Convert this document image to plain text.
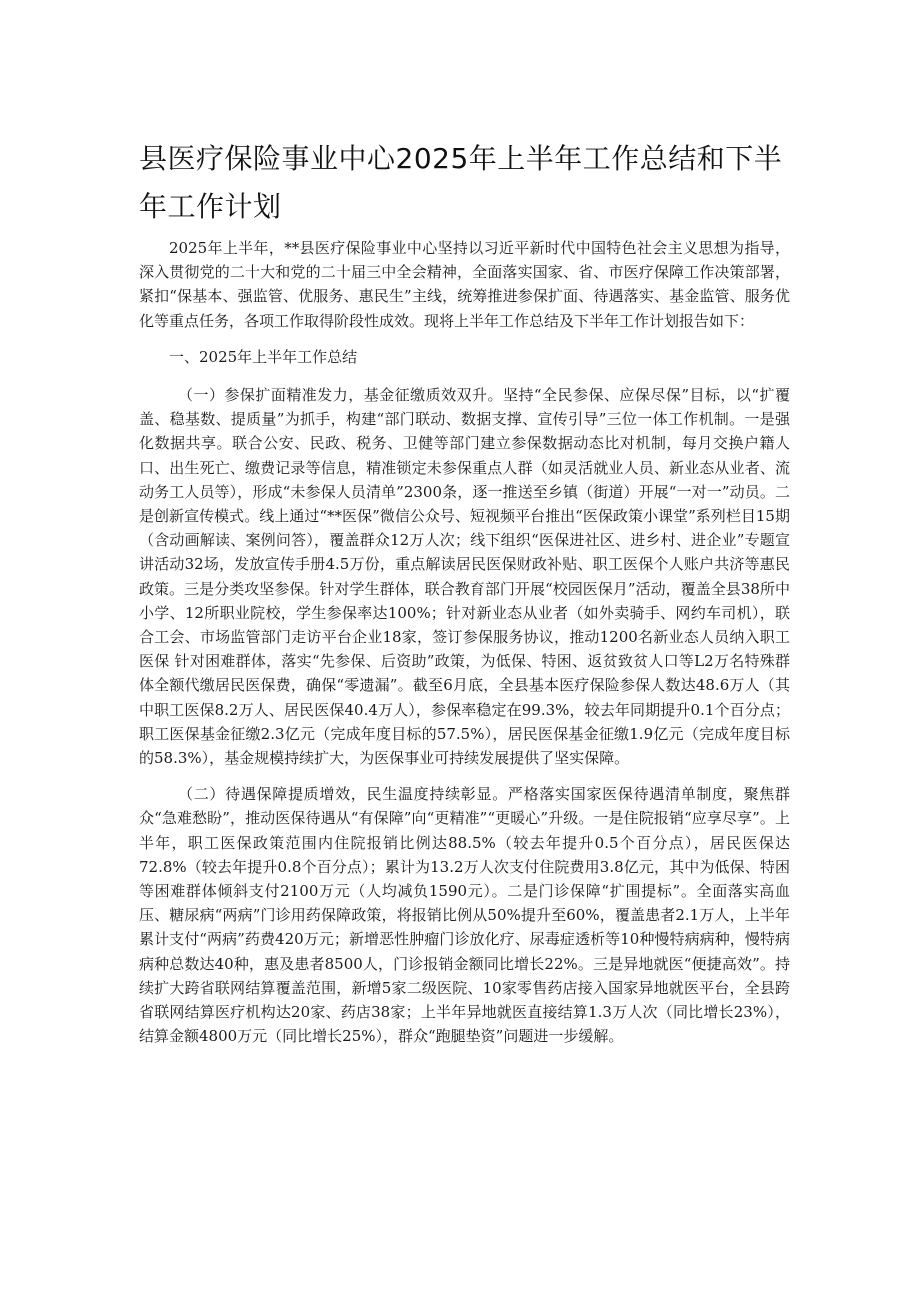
县医疗保险事业中心2025年上半年工作总结和下半年工作计划

2025年上半年，**县医疗保险事业中心坚持以习近平新时代中国特色社会主义思想为指导，深入贯彻党的二十大和党的二十届三中全会精神，全面落实国家、省、市医疗保障工作决策部署，紧扣“保基本、强监管、优服务、惠民生”主线，统筹推进参保扩面、待遇落实、基金监管、服务优化等重点任务，各项工作取得阶段性成效。现将上半年工作总结及下半年工作计划报告如下：

一、2025年上半年工作总结

（一）参保扩面精准发力，基金征缴质效双升。坚持“全民参保、应保尽保”目标，以“扩覆盖、稳基数、提质量”为抓手，构建“部门联动、数据支撑、宣传引导”三位一体工作机制。一是强化数据共享。联合公安、民政、税务、卫健等部门建立参保数据动态比对机制，每月交换户籍人口、出生死亡、缴费记录等信息，精准锁定未参保重点人群（如灵活就业人员、新业态从业者、流动务工人员等），形成“未参保人员清单”2300条，逐一推送至乡镇（街道）开展“一对一”动员。二是创新宣传模式。线上通过“**医保”微信公众号、短视频平台推出“医保政策小课堂”系列栏目15期（含动画解读、案例问答），覆盖群众12万人次；线下组织“医保进社区、进乡村、进企业”专题宣讲活动32场，发放宣传手册4.5万份，重点解读居民医保财政补贴、职工医保个人账户共济等惠民政策。三是分类攻坚参保。针对学生群体，联合教育部门开展“校园医保月”活动，覆盖全县38所中小学、12所职业院校，学生参保率达100%；针对新业态从业者（如外卖骑手、网约车司机），联合工会、市场监管部门走访平台企业18家，签订参保服务协议，推动1200名新业态人员纳入职工医保 针对困难群体，落实“先参保、后资助”政策，为低保、特困、返贫致贫人口等L2万名特殊群体全额代缴居民医保费，确保“零遗漏”。截至6月底，全县基本医疗保险参保人数达48.6万人（其中职工医保8.2万人、居民医保40.4万人），参保率稳定在99.3%，较去年同期提升0.1个百分点；职工医保基金征缴2.3亿元（完成年度目标的57.5%），居民医保基金征缴1.9亿元（完成年度目标的58.3%），基金规模持续扩大，为医保事业可持续发展提供了坚实保障。

（二）待遇保障提质增效，民生温度持续彰显。严格落实国家医保待遇清单制度，聚焦群众“急难愁盼”，推动医保待遇从“有保障”向“更精准”“更暖心”升级。一是住院报销“应享尽享”。上半年，职工医保政策范围内住院报销比例达88.5%（较去年提升0.5个百分点），居民医保达72.8%（较去年提升0.8个百分点）；累计为13.2万人次支付住院费用3.8亿元，其中为低保、特困等困难群体倾斜支付2100万元（人均减负1590元）。二是门诊保障“扩围提标”。全面落实高血压、糖尿病“两病”门诊用药保障政策，将报销比例从50%提升至60%，覆盖患者2.1万人，上半年累计支付“两病”药费420万元；新增恶性肿瘤门诊放化疗、尿毒症透析等10种慢特病病种，慢特病病种总数达40种，惠及患者8500人，门诊报销金额同比增长22%。三是异地就医“便捷高效”。持续扩大跨省联网结算覆盖范围，新增5家二级医院、10家零售药店接入国家异地就医平台，全县跨省联网结算医疗机构达20家、药店38家；上半年异地就医直接结算1.3万人次（同比增长23%），结算金额4800万元（同比增长25%），群众“跑腿垫资”问题进一步缓解。
